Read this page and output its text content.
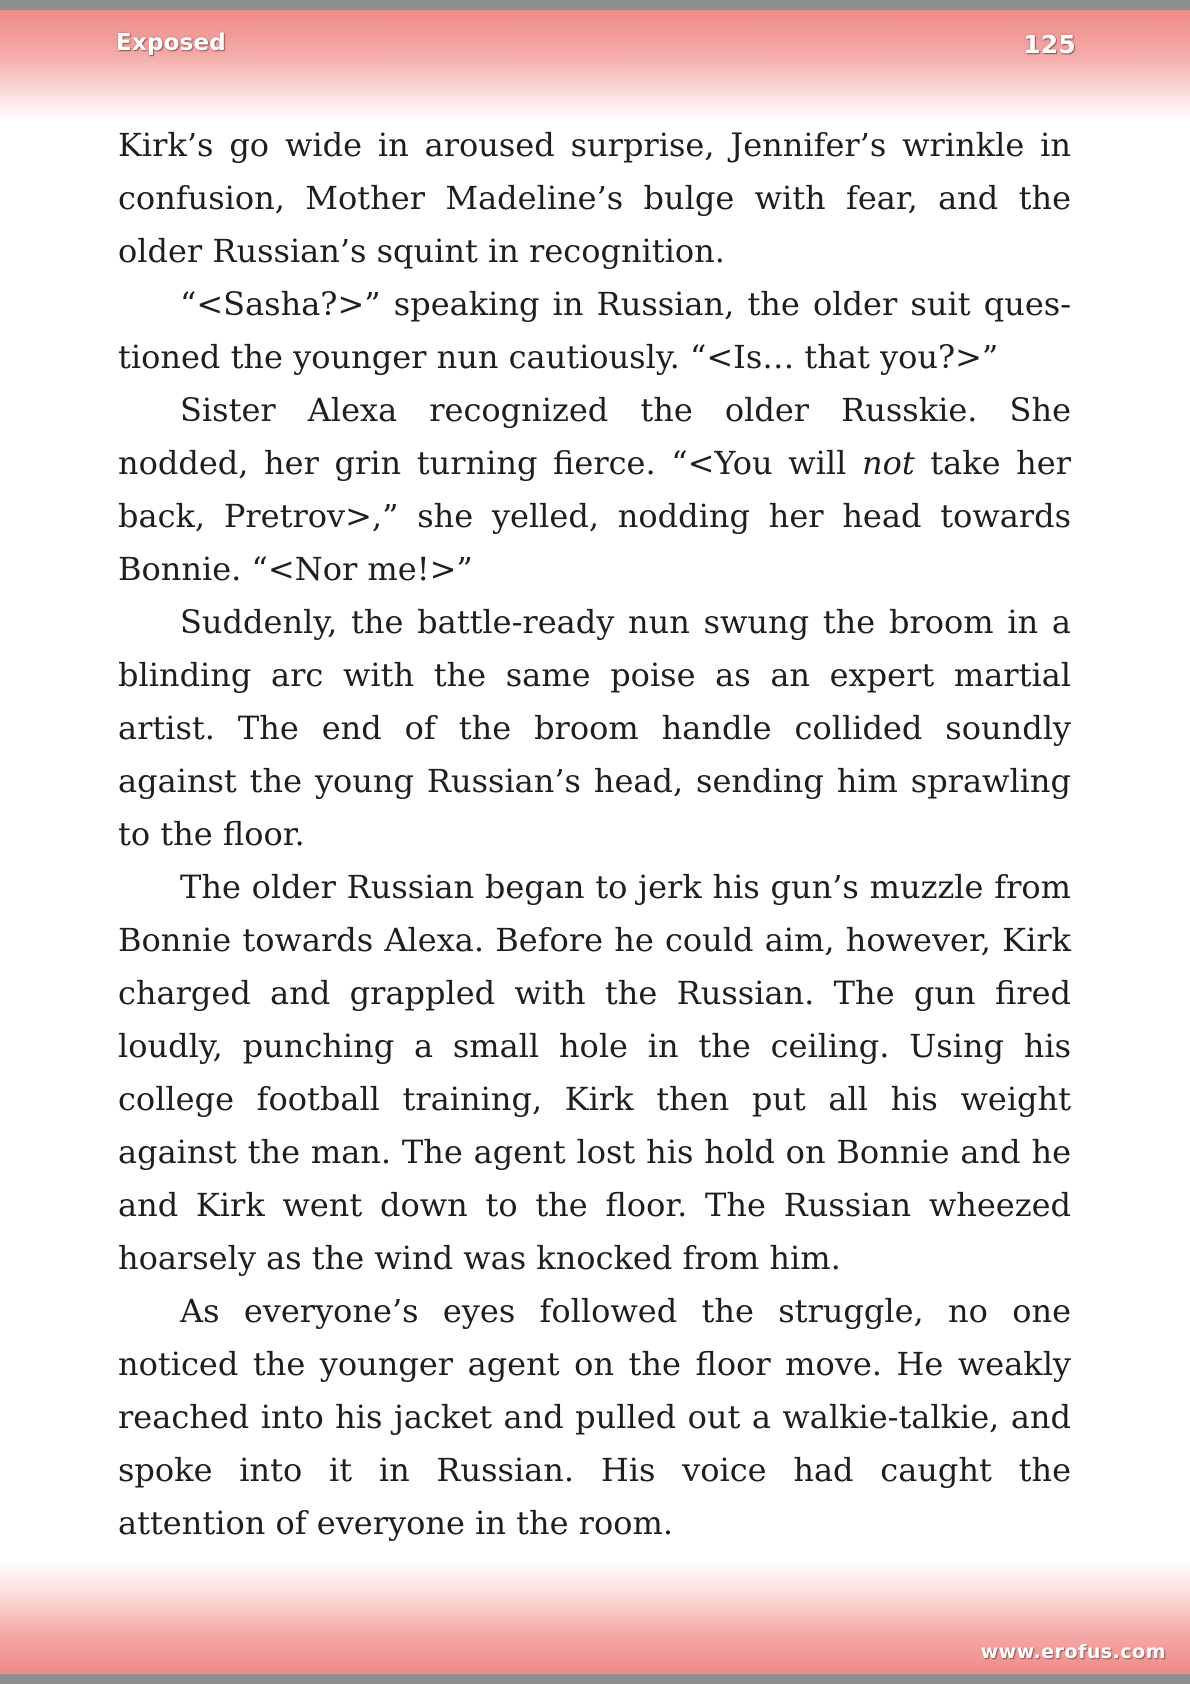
Exposed	125

Kirk’s go wide in aroused surprise, Jennifer’s wrinkle in confusion, Mother Madeline’s bulge with fear, and the older Russian’s squint in recognition.

“<Sasha?>” speaking in Russian, the older suit questioned the younger nun cautiously. “<Is… that you?>”

Sister Alexa recognized the older Russkie. She nodded, her grin turning fierce. “<You will not take her back, Pretrov>,” she yelled, nodding her head towards Bonnie. “<Nor me!>”

Suddenly, the battle-ready nun swung the broom in a blinding arc with the same poise as an expert martial artist. The end of the broom handle collided soundly against the young Russian’s head, sending him sprawling to the floor.

The older Russian began to jerk his gun’s muzzle from Bonnie towards Alexa. Before he could aim, however, Kirk charged and grappled with the Russian. The gun fired loudly, punching a small hole in the ceiling. Using his college football training, Kirk then put all his weight against the man. The agent lost his hold on Bonnie and he and Kirk went down to the floor. The Russian wheezed hoarsely as the wind was knocked from him.

As everyone’s eyes followed the struggle, no one noticed the younger agent on the floor move. He weakly reached into his jacket and pulled out a walkie-talkie, and spoke into it in Russian. His voice had caught the attention of everyone in the room.

www.erofus.com
